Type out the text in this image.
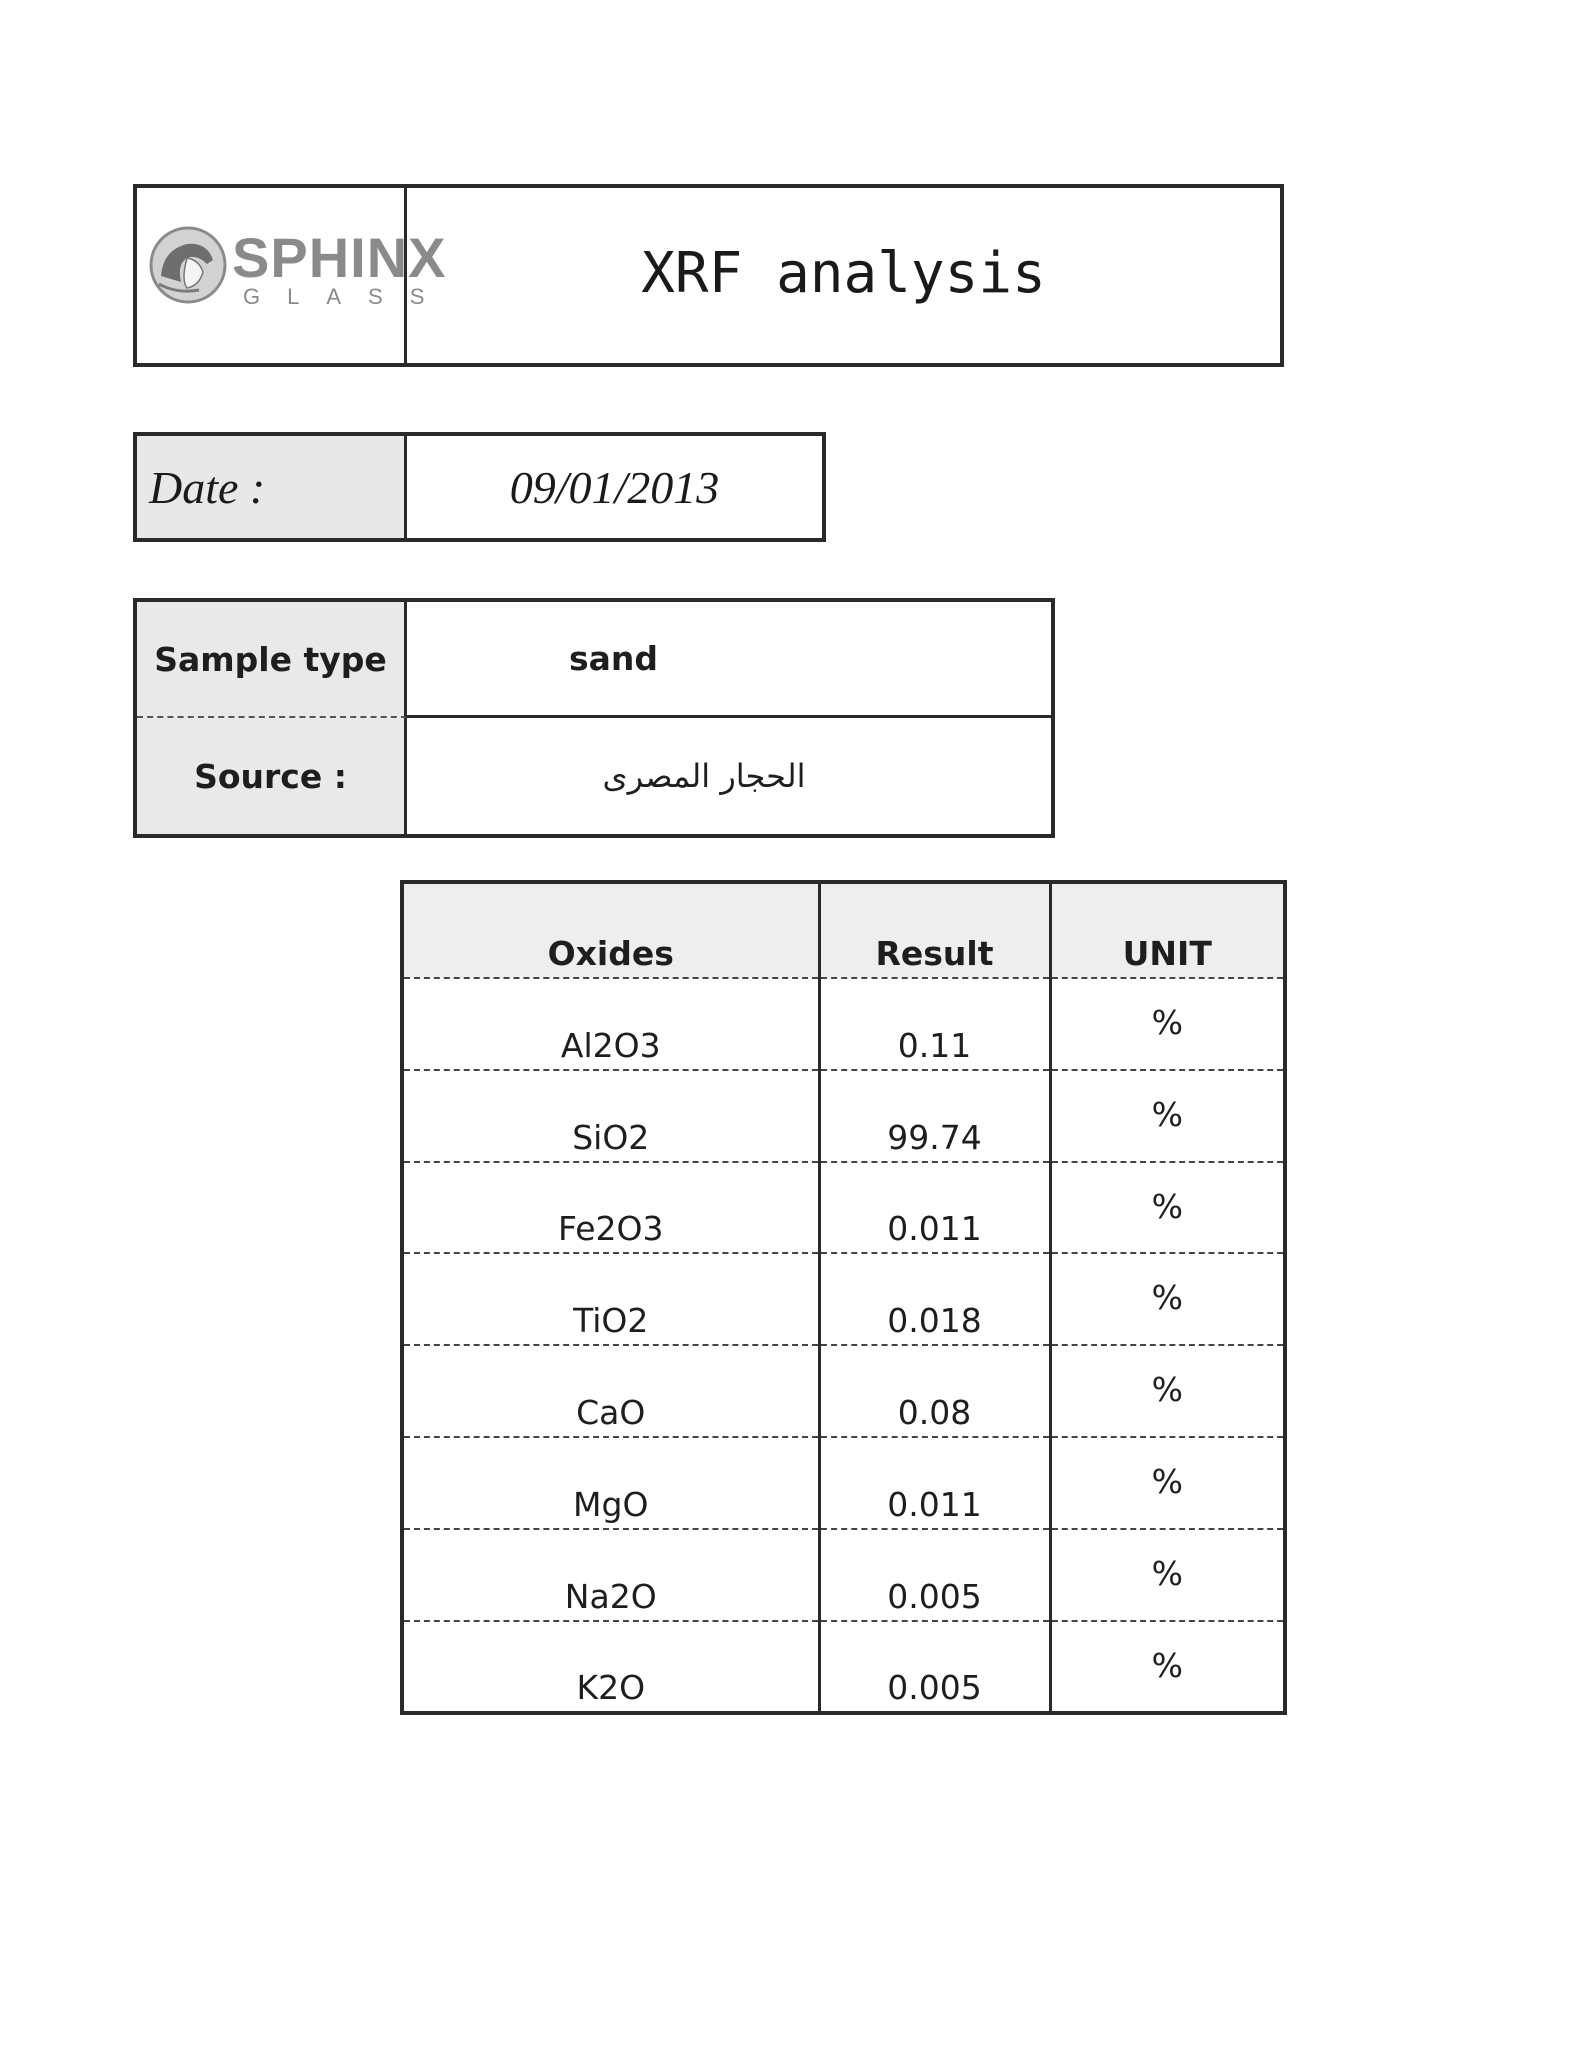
SPHINX
GLASS	XRF analysis
Date :	09/01/2013
Sample type	sand
Source :	الحجار المصرى
Oxides	Result	UNIT
Al2O3	0.11	%
SiO2	99.74	%
Fe2O3	0.011	%
TiO2	0.018	%
CaO	0.08	%
MgO	0.011	%
Na2O	0.005	%
K2O	0.005	%
